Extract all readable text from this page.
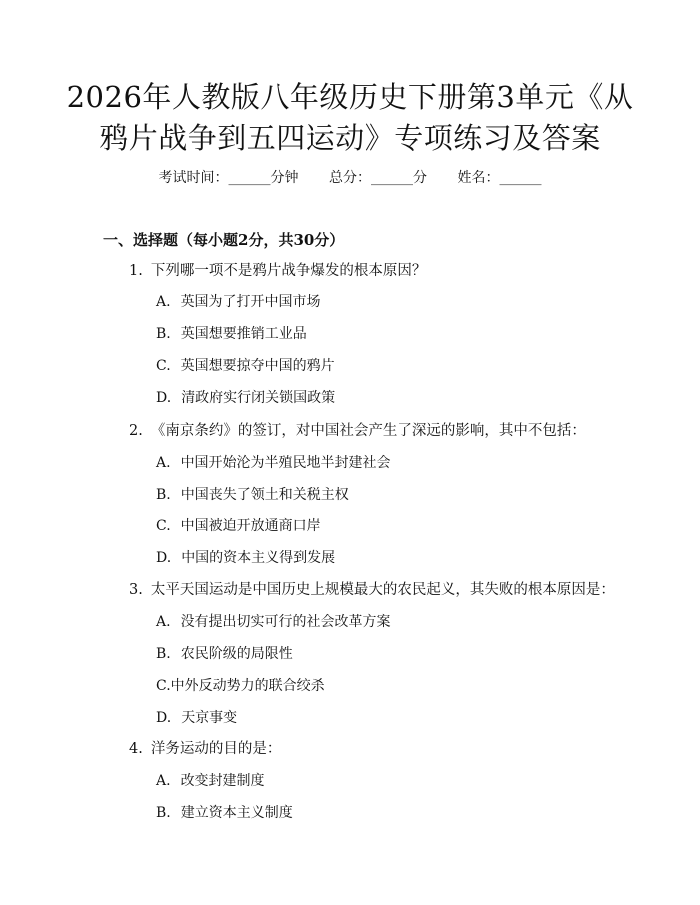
2026年人教版八年级历史下册第3单元《从
鸦片战争到五四运动》专项练习及答案
考试时间：______分钟 总分：______分 姓名：______
一、选择题（每小题2分，共30分）
1. 下列哪一项不是鸦片战争爆发的根本原因？
A. 英国为了打开中国市场
B. 英国想要推销工业品
C. 英国想要掠夺中国的鸦片
D. 清政府实行闭关锁国政策
2. 《南京条约》的签订，对中国社会产生了深远的影响，其中不包括：
A. 中国开始沦为半殖民地半封建社会
B. 中国丧失了领土和关税主权
C. 中国被迫开放通商口岸
D. 中国的资本主义得到发展
3. 太平天国运动是中国历史上规模最大的农民起义，其失败的根本原因是：
A. 没有提出切实可行的社会改革方案
B. 农民阶级的局限性
C.中外反动势力的联合绞杀
D. 天京事变
4. 洋务运动的目的是：
A. 改变封建制度
B. 建立资本主义制度
